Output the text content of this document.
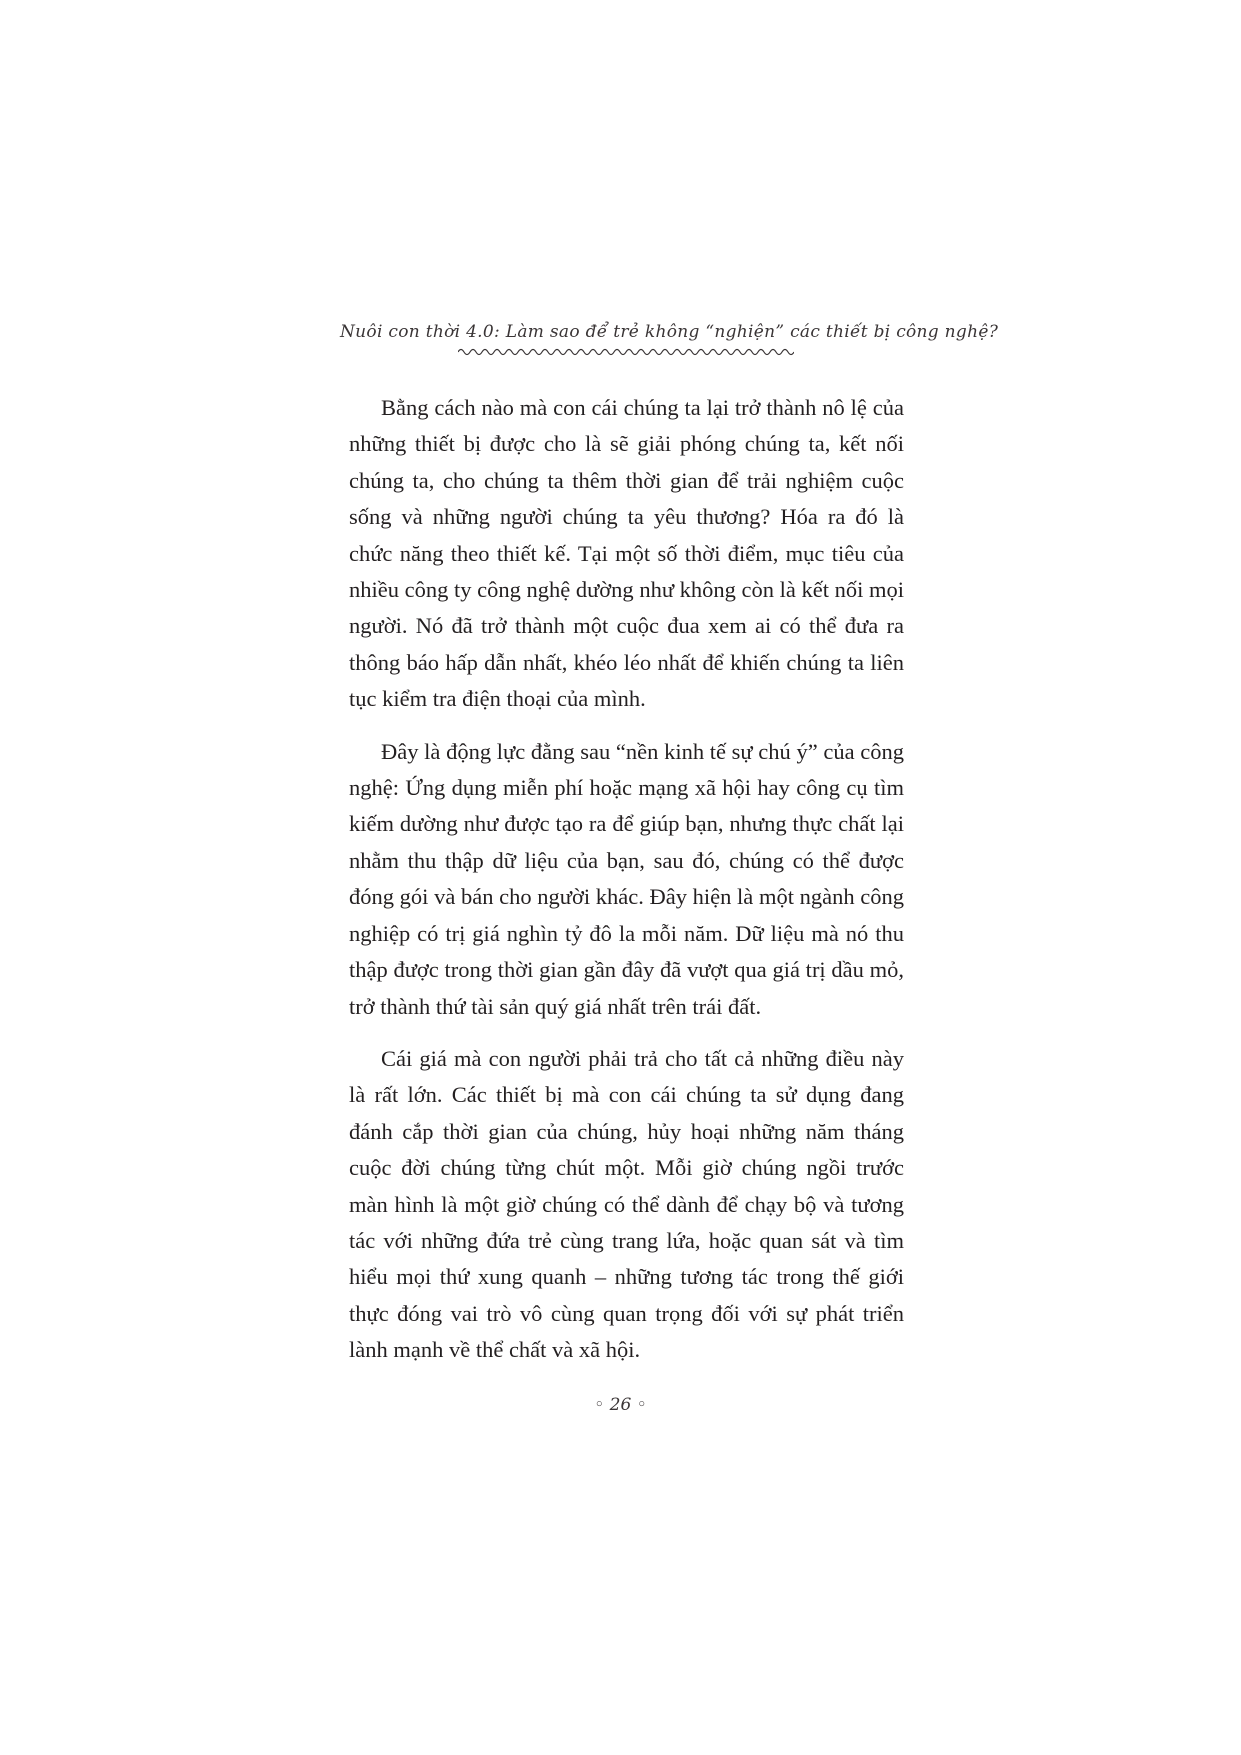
Nuôi con thời 4.0: Làm sao để trẻ không “nghiện” các thiết bị công nghệ?

Bằng cách nào mà con cái chúng ta lại trở thành nô lệ của những thiết bị được cho là sẽ giải phóng chúng ta, kết nối chúng ta, cho chúng ta thêm thời gian để trải nghiệm cuộc sống và những người chúng ta yêu thương? Hóa ra đó là chức năng theo thiết kế. Tại một số thời điểm, mục tiêu của nhiều công ty công nghệ dường như không còn là kết nối mọi người. Nó đã trở thành một cuộc đua xem ai có thể đưa ra thông báo hấp dẫn nhất, khéo léo nhất để khiến chúng ta liên tục kiểm tra điện thoại của mình.

Đây là động lực đằng sau “nền kinh tế sự chú ý” của công nghệ: Ứng dụng miễn phí hoặc mạng xã hội hay công cụ tìm kiếm dường như được tạo ra để giúp bạn, nhưng thực chất lại nhằm thu thập dữ liệu của bạn, sau đó, chúng có thể được đóng gói và bán cho người khác. Đây hiện là một ngành công nghiệp có trị giá nghìn tỷ đô la mỗi năm. Dữ liệu mà nó thu thập được trong thời gian gần đây đã vượt qua giá trị dầu mỏ, trở thành thứ tài sản quý giá nhất trên trái đất.

Cái giá mà con người phải trả cho tất cả những điều này là rất lớn. Các thiết bị mà con cái chúng ta sử dụng đang đánh cắp thời gian của chúng, hủy hoại những năm tháng cuộc đời chúng từng chút một. Mỗi giờ chúng ngồi trước màn hình là một giờ chúng có thể dành để chạy bộ và tương tác với những đứa trẻ cùng trang lứa, hoặc quan sát và tìm hiểu mọi thứ xung quanh – những tương tác trong thế giới thực đóng vai trò vô cùng quan trọng đối với sự phát triển lành mạnh về thể chất và xã hội.

◦ 26 ◦
